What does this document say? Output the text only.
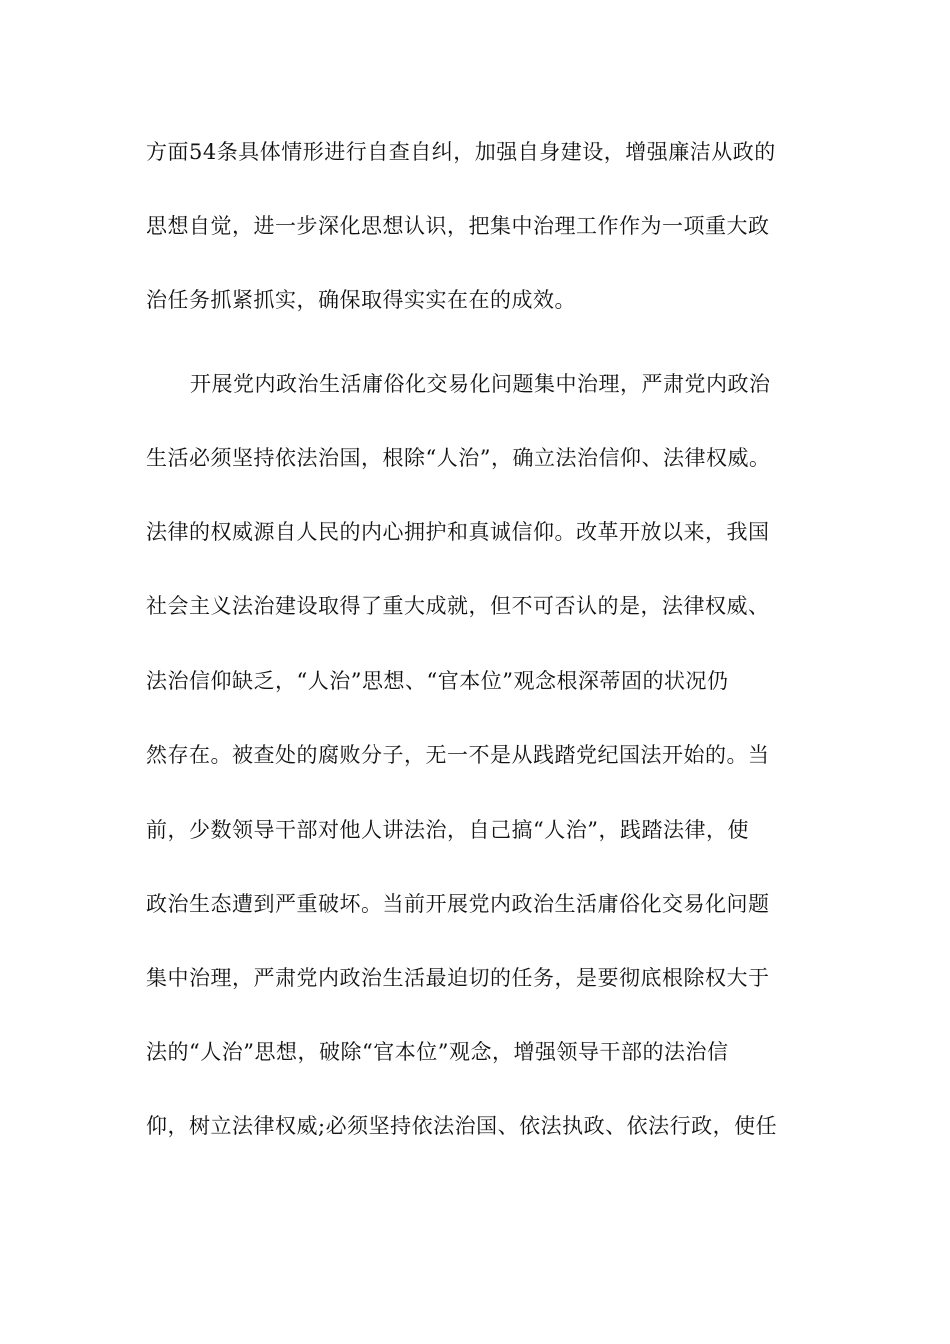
方面54条具体情形进行自查自纠，加强自身建设，增强廉洁从政的
思想自觉，进一步深化思想认识，把集中治理工作作为一项重大政
治任务抓紧抓实，确保取得实实在在的成效。
开展党内政治生活庸俗化交易化问题集中治理，严肃党内政治
生活必须坚持依法治国，根除“人治”，确立法治信仰、法律权威。
法律的权威源自人民的内心拥护和真诚信仰。改革开放以来，我国
社会主义法治建设取得了重大成就，但不可否认的是，法律权威、
法治信仰缺乏，“人治”思想、“官本位”观念根深蒂固的状况仍
然存在。被查处的腐败分子，无一不是从践踏党纪国法开始的。当
前，少数领导干部对他人讲法治，自己搞“人治”，践踏法律，使
政治生态遭到严重破坏。当前开展党内政治生活庸俗化交易化问题
集中治理，严肃党内政治生活最迫切的任务，是要彻底根除权大于
法的“人治”思想，破除“官本位”观念，增强领导干部的法治信
仰，树立法律权威;必须坚持依法治国、依法执政、依法行政，使任
